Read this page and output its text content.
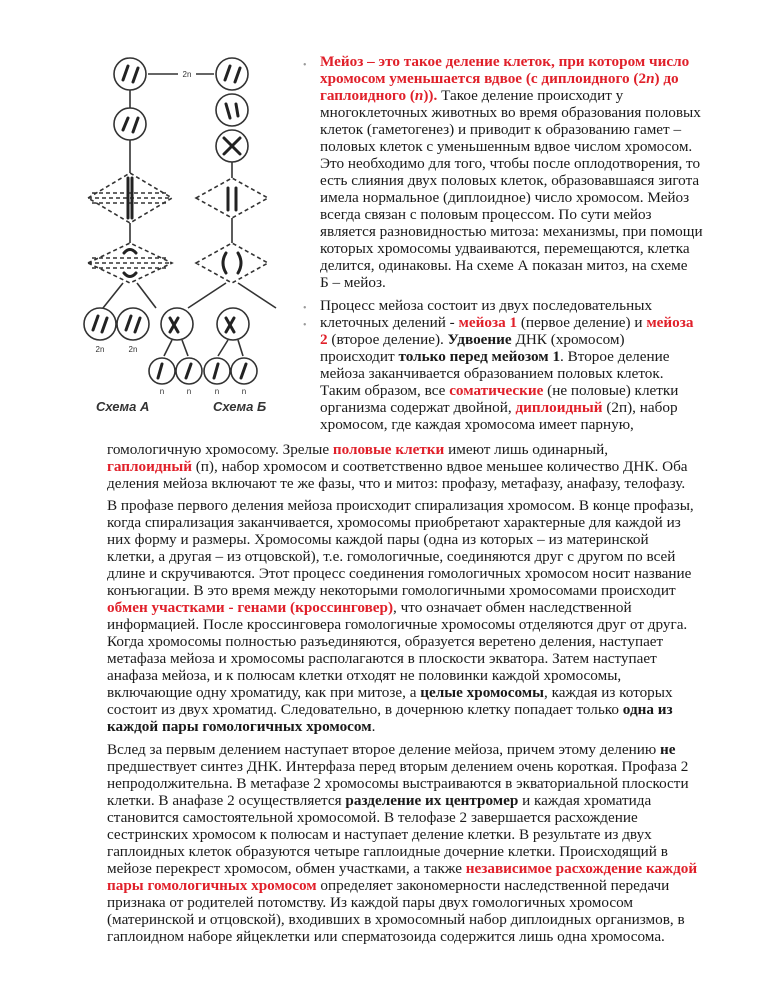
2n
2n	2n
n	n	n	n
Схема А	Схема Б
•
•
•
Мейоз – это такое деление клеток, при котором число
хромосом уменьшается вдвое (с диплоидного (2n) до
гаплоидного (n)). Такое деление происходит у
многоклеточных животных во время образования половых
клеток (гаметогенез) и приводит к образованию гамет –
половых клеток с уменьшенным вдвое числом хромосом.
Это необходимо для того, чтобы после оплодотворения, то
есть слияния двух половых клеток, образовавшаяся зигота
имела нормальное (диплоидное) число хромосом. Мейоз
всегда связан с половым процессом. По сути мейоз
является разновидностью митоза: механизмы, при помощи
которых хромосомы удваиваются, перемещаются, клетка
делится, одинаковы. На схеме А показан митоз, на схеме
Б – мейоз.
Процесс мейоза состоит из двух последовательных
клеточных делений - мейоза 1 (первое деление) и мейоза
2 (второе деление). Удвоение ДНК (хромосом)
происходит только перед мейозом 1. Второе деление
мейоза заканчивается образованием половых клеток.
Таким образом, все соматические (не половые) клетки
организма содержат двойной, диплоидный (2п), набор
хромосом, где каждая хромосома имеет парную,
гомологичную хромосому. Зрелые половые клетки имеют лишь одинарный,
гаплоидный (п), набор хромосом и соответственно вдвое меньшее количество ДНК. Оба
деления мейоза включают те же фазы, что и митоз: профазу, метафазу, анафазу, телофазу.
В профазе первого деления мейоза происходит спирализация хромосом. В конце профазы,
когда спирализация заканчивается, хромосомы приобретают характерные для каждой из
них форму и размеры. Хромосомы каждой пары (одна из которых – из материнской
клетки, а другая – из отцовской), т.е. гомологичные, соединяются друг с другом по всей
длине и скручиваются. Этот процесс соединения гомологичных хромосом носит название
конъюгации. В это время между некоторыми гомологичными хромосомами происходит
обмен участками - генами (кроссинговер), что означает обмен наследственной
информацией. После кроссинговера гомологичные хромосомы отделяются друг от друга.
Когда хромосомы полностью разъединяются, образуется веретено деления, наступает
метафаза мейоза и хромосомы располагаются в плоскости экватора. Затем наступает
анафаза мейоза, и к полюсам клетки отходят не половинки каждой хромосомы,
включающие одну хроматиду, как при митозе, а целые хромосомы, каждая из которых
состоит из двух хроматид. Следовательно, в дочернюю клетку попадает только одна из
каждой пары гомологичных хромосом.
Вслед за первым делением наступает второе деление мейоза, причем этому делению не
предшествует синтез ДНК. Интерфаза перед вторым делением очень короткая. Профаза 2
непродолжительна. В метафазе 2 хромосомы выстраиваются в экваториальной плоскости
клетки. В анафазе 2 осуществляется разделение их центромер и каждая хроматида
становится самостоятельной хромосомой. В телофазе 2 завершается расхождение
сестринских хромосом к полюсам и наступает деление клетки. В результате из двух
гаплоидных клеток образуются четыре гаплоидные дочерние клетки. Происходящий в
мейозе перекрест хромосом, обмен участками, а также независимое расхождение каждой
пары гомологичных хромосом определяет закономерности наследственной передачи
признака от родителей потомству. Из каждой пары двух гомологичных хромосом
(материнской и отцовской), входивших в хромосомный набор диплоидных организмов, в
гаплоидном наборе яйцеклетки или сперматозоида содержится лишь одна хромосома.
